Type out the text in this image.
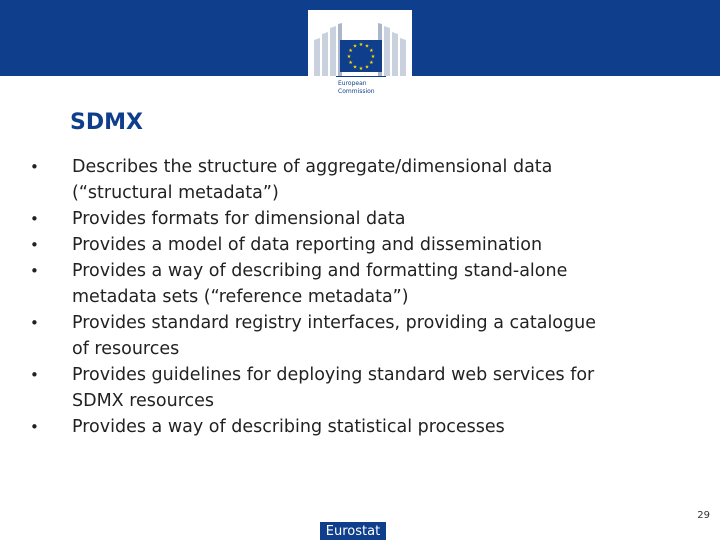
★ ★
★
★
★
★
★
★
★
★
★
★
European
Commission
SDMX
• Describes the structure of aggregate/dimensional data
(“structural metadata”)
• Provides formats for dimensional data
• Provides a model of data reporting and dissemination
• Provides a way of describing and formatting stand-alone
metadata sets (“reference metadata”)
• Provides standard registry interfaces, providing a catalogue
of resources
• Provides guidelines for deploying standard web services for
SDMX resources
• Provides a way of describing statistical processes
Eurostat
29
